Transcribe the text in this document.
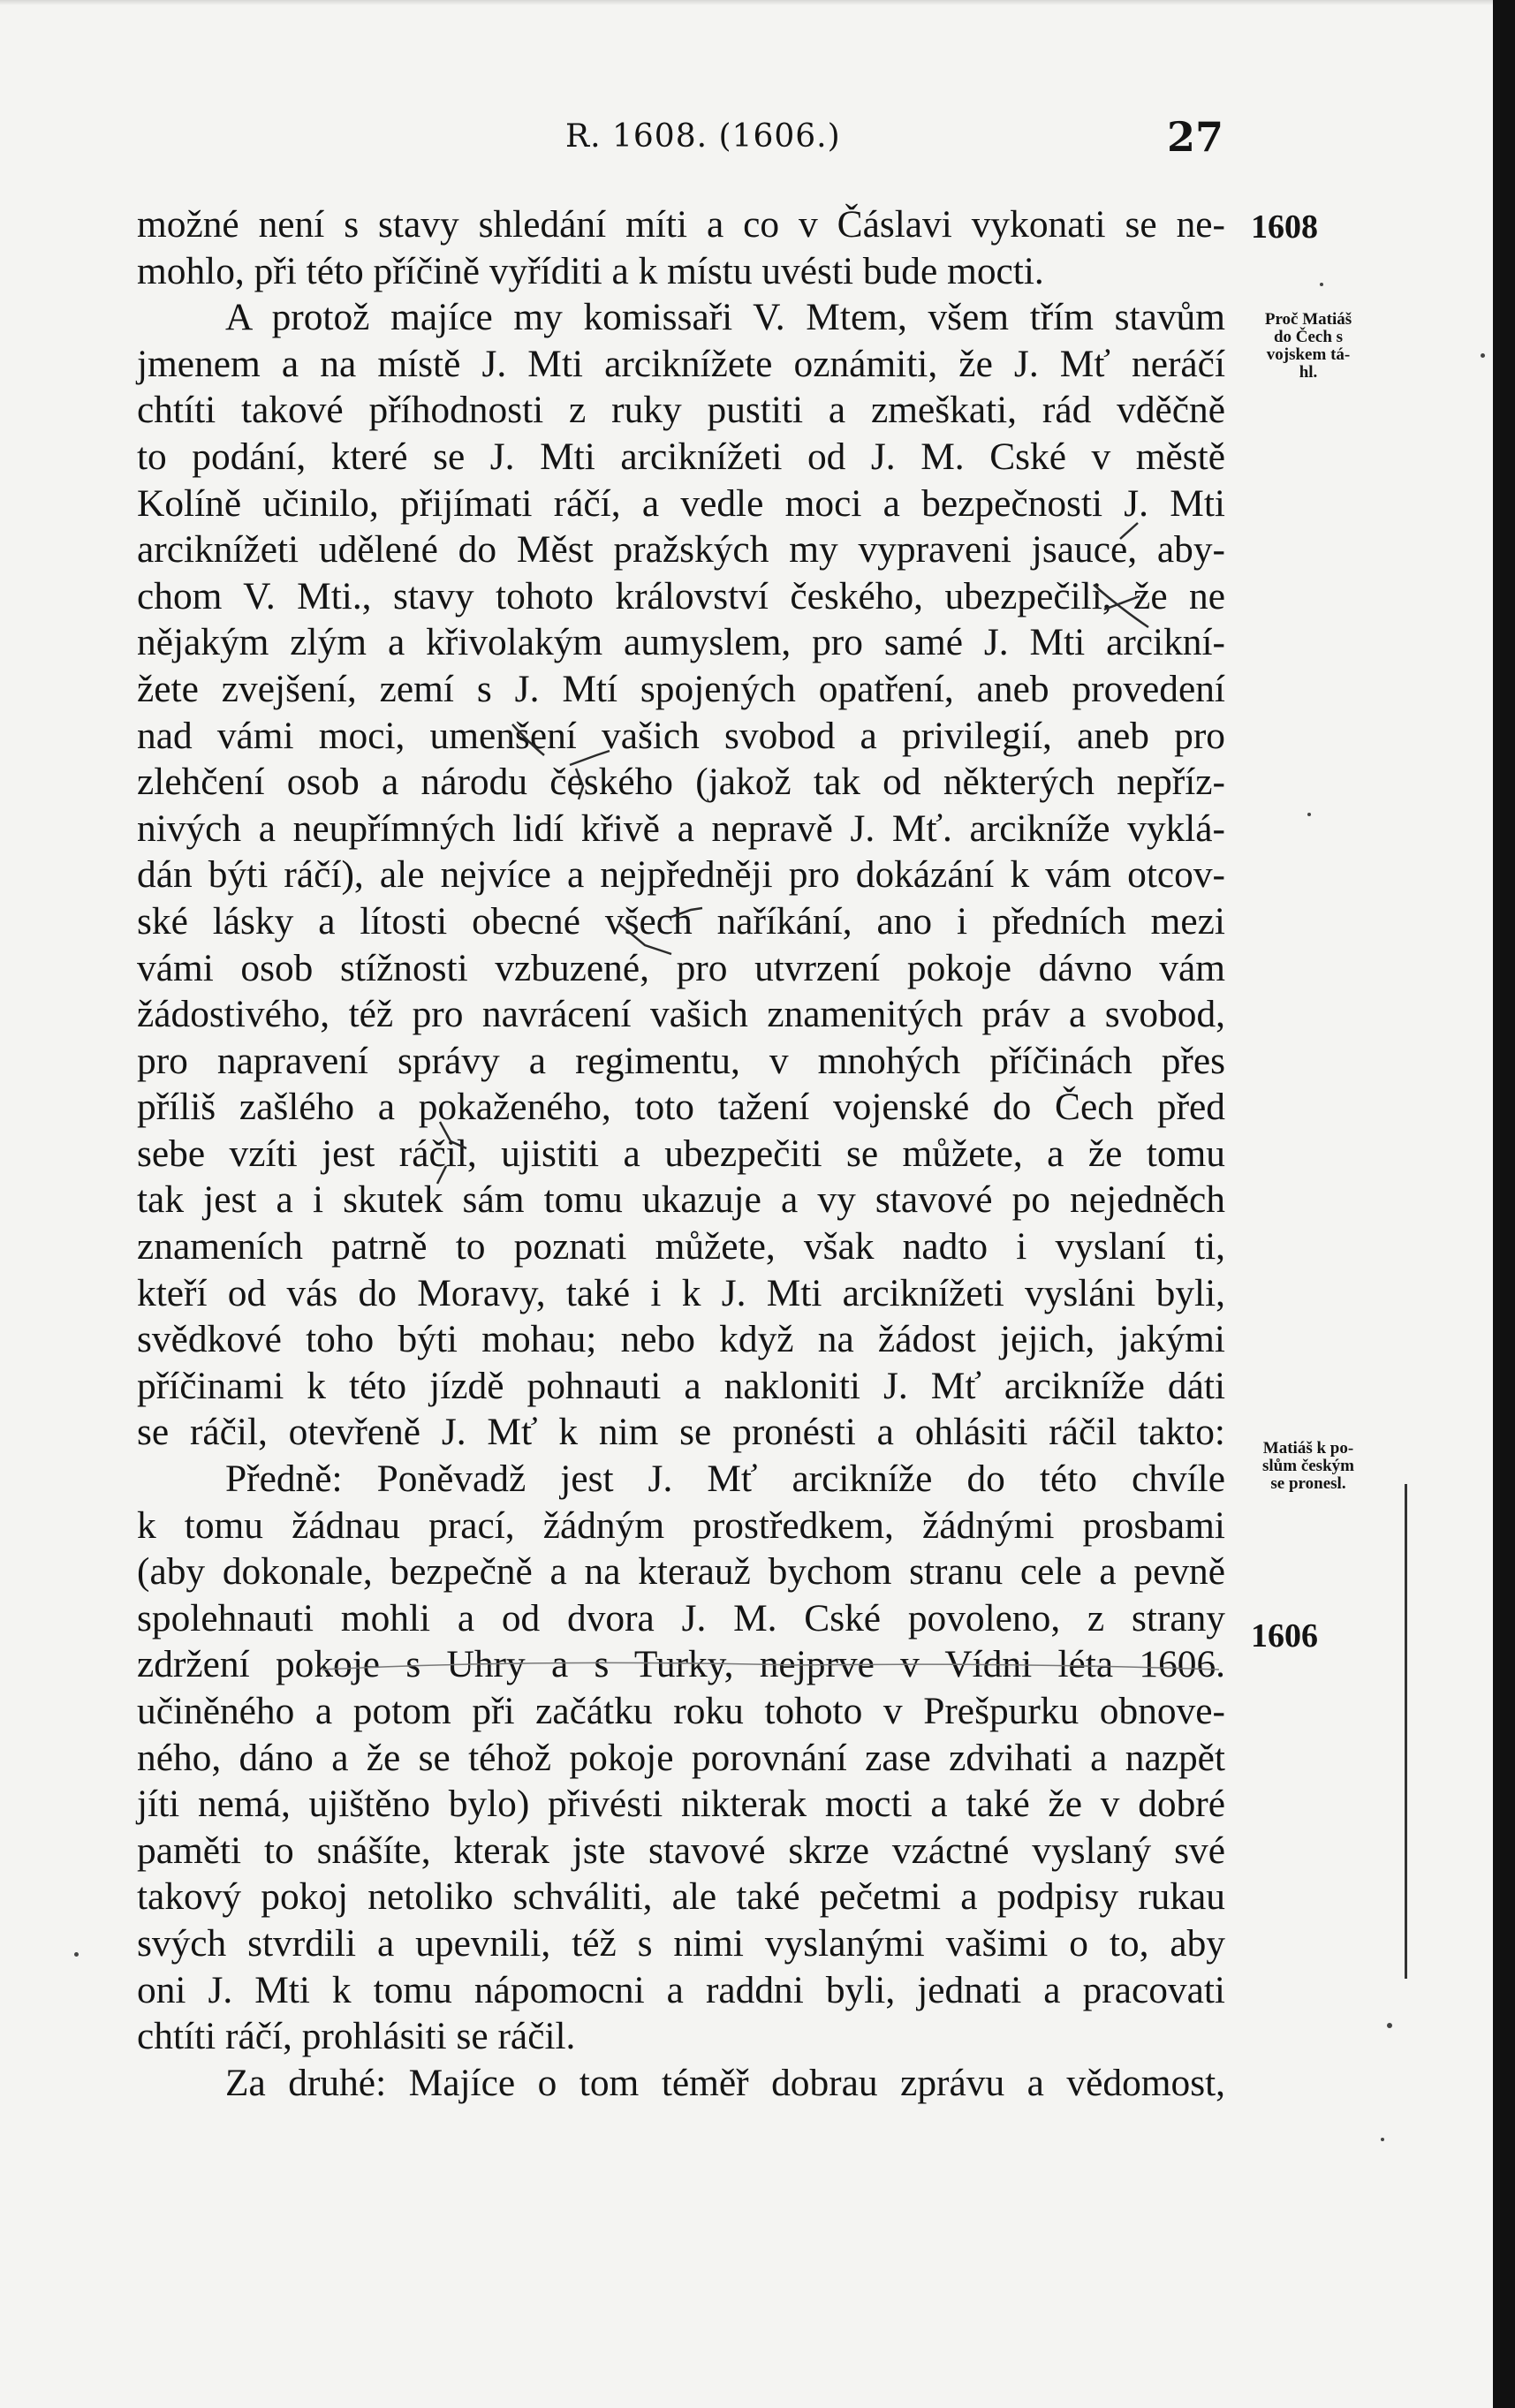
R. 1608. (1606.)	27
možné není s stavy shledání míti a co v Čáslavi vykonati se ne-
mohlo, při této příčině vyříditi a k místu uvésti bude mocti.
A protož majíce my komissaři V. Mtem, všem třím stavům
jmenem a na místě J. Mti arciknížete oznámiti, že J. Mť neráčí
chtíti takové příhodnosti z ruky pustiti a zmeškati, rád vděčně
to podání, které se J. Mti arciknížeti od J. M. Cské v městě
Kolíně učinilo, přijímati ráčí, a vedle moci a bezpečnosti J. Mti
arciknížeti udělené do Měst pražských my vypraveni jsauce, aby-
chom V. Mti., stavy tohoto království českého, ubezpečili, že ne
nějakým zlým a křivolakým aumyslem, pro samé J. Mti arcikní-
žete zvejšení, zemí s J. Mtí spojených opatření, aneb provedení
nad vámi moci, umenšení vašich svobod a privilegií, aneb pro
zlehčení osob a národu českého (jakož tak od některých nepříz-
nivých a neupřímných lidí křivě a nepravě J. Mť. arcikníže vyklá-
dán býti ráčí), ale nejvíce a nejpředněji pro dokázání k vám otcov-
ské lásky a lítosti obecné všech naříkání, ano i předních mezi
vámi osob stížnosti vzbuzené, pro utvrzení pokoje dávno vám
žádostivého, též pro navrácení vašich znamenitých práv a svobod,
pro napravení správy a regimentu, v mnohých příčinách přes
příliš zašlého a pokaženého, toto tažení vojenské do Čech před
sebe vzíti jest ráčil, ujistiti a ubezpečiti se můžete, a že tomu
tak jest a i skutek sám tomu ukazuje a vy stavové po nejedněch
znameních patrně to poznati můžete, však nadto i vyslaní ti,
kteří od vás do Moravy, také i k J. Mti arciknížeti vysláni byli,
svědkové toho býti mohau; nebo když na žádost jejich, jakými
příčinami k této jízdě pohnauti a nakloniti J. Mť arcikníže dáti
se ráčil, otevřeně J. Mť k nim se pronésti a ohlásiti ráčil takto:
Předně: Poněvadž jest J. Mť arcikníže do této chvíle
k tomu žádnau prací, žádným prostředkem, žádnými prosbami
(aby dokonale, bezpečně a na kterauž bychom stranu cele a pevně
spolehnauti mohli a od dvora J. M. Cské povoleno, z strany
zdržení pokoje s Uhry a s Turky, nejprve v Vídni léta 1606.
učiněného a potom při začátku roku tohoto v Prešpurku obnove-
ného, dáno a že se téhož pokoje porovnání zase zdvihati a nazpět
jíti nemá, ujištěno bylo) přivésti nikterak mocti a také že v dobré
paměti to snášíte, kterak jste stavové skrze vzáctné vyslaný své
takový pokoj netoliko schváliti, ale také pečetmi a podpisy rukau
svých stvrdili a upevnili, též s nimi vyslanými vašimi o to, aby
oni J. Mti k tomu nápomocni a raddni byli, jednati a pracovati
chtíti ráčí, prohlásiti se ráčil.
Za druhé: Majíce o tom téměř dobrau zprávu a vědomost,
1608
Proč Matiáš
do Čech s
vojskem tá-
hl.
Matiáš k po-
slům českým
se pronesl.
1606
